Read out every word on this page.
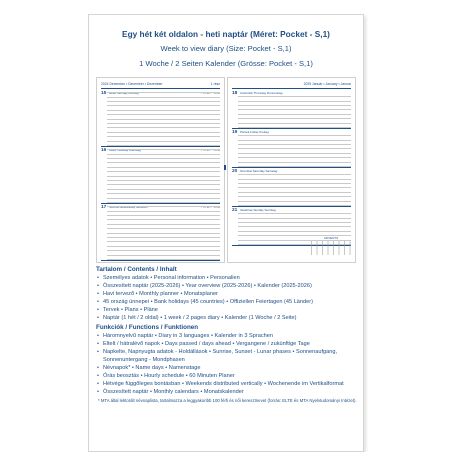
Egy hét két oldalon - heti naptár (Méret: Pocket - S,1)
Week to view diary (Size: Pocket - S,1)
1 Woche / 2 Seiten Kalender (Grösse: Pocket - S,1)
2024 December • December • Dezember	1 rész
15 Hétfő Monday Montag	☼ 07:20 ☾ 15:56
16 Kedd Tuesday Dienstag	☼ 07:21 ☾ 15:56
17 Szerda Wednesday Mittwoch	☼ 07:22 ☾ 15:56
2025 Január • January • Januar
18 Csütörtök Thursday Donnerstag
19 Péntek Friday Freitag
20 Szombat Saturday Samstag
21 Vasárnap Sunday Sonntag
ADVENTS
Tartalom / Contents / Inhalt
• Személyes adatok • Personal information • Personalien
• Összesített naptár (2025-2026) • Year overview (2025-2026) • Kalender (2025-2026)
• Havi tervező • Monthly planner • Monatsplaner
• 45 ország ünnepei • Bank holidays (45 countries) • Offiziellen Feiertagen (45 Länder)
• Tervek • Plans • Pläne
• Naptár (1 hét / 2 oldal) • 1 week / 2 pages diary • Kalender (1 Woche / 2 Seite)
Funkciók / Functions / Funktionen
• Háromnyelvű naptár • Diary in 3 languages • Kalender in 3 Sprachen
• Eltelt / hátralévő napok • Days passed / days ahead • Vergangene / zukünftige Tage
• Napkelte, Napnyugta adatok - Holdállások • Sunrise, Sunset - Lunar phases • Sonnenaufgang, Sonnenuntergang - Mondphasen
• Névnapok* • Name days • Namenstage
• Órás beosztás • Hourly schedule • 60 Minuten Planer
• Hétvége függőleges bontásban • Weekends distributed vertically • Wochenende im Vertikalformat
• Összesített naptár • Monthly calendars • Monatskalender
* MTA által lektorált névnaplista, tartalmazza a leggyakoribb 100 férfi és női keresztnevet (forrás: ELTE és MTA Nyelvtudományi Intézet).
